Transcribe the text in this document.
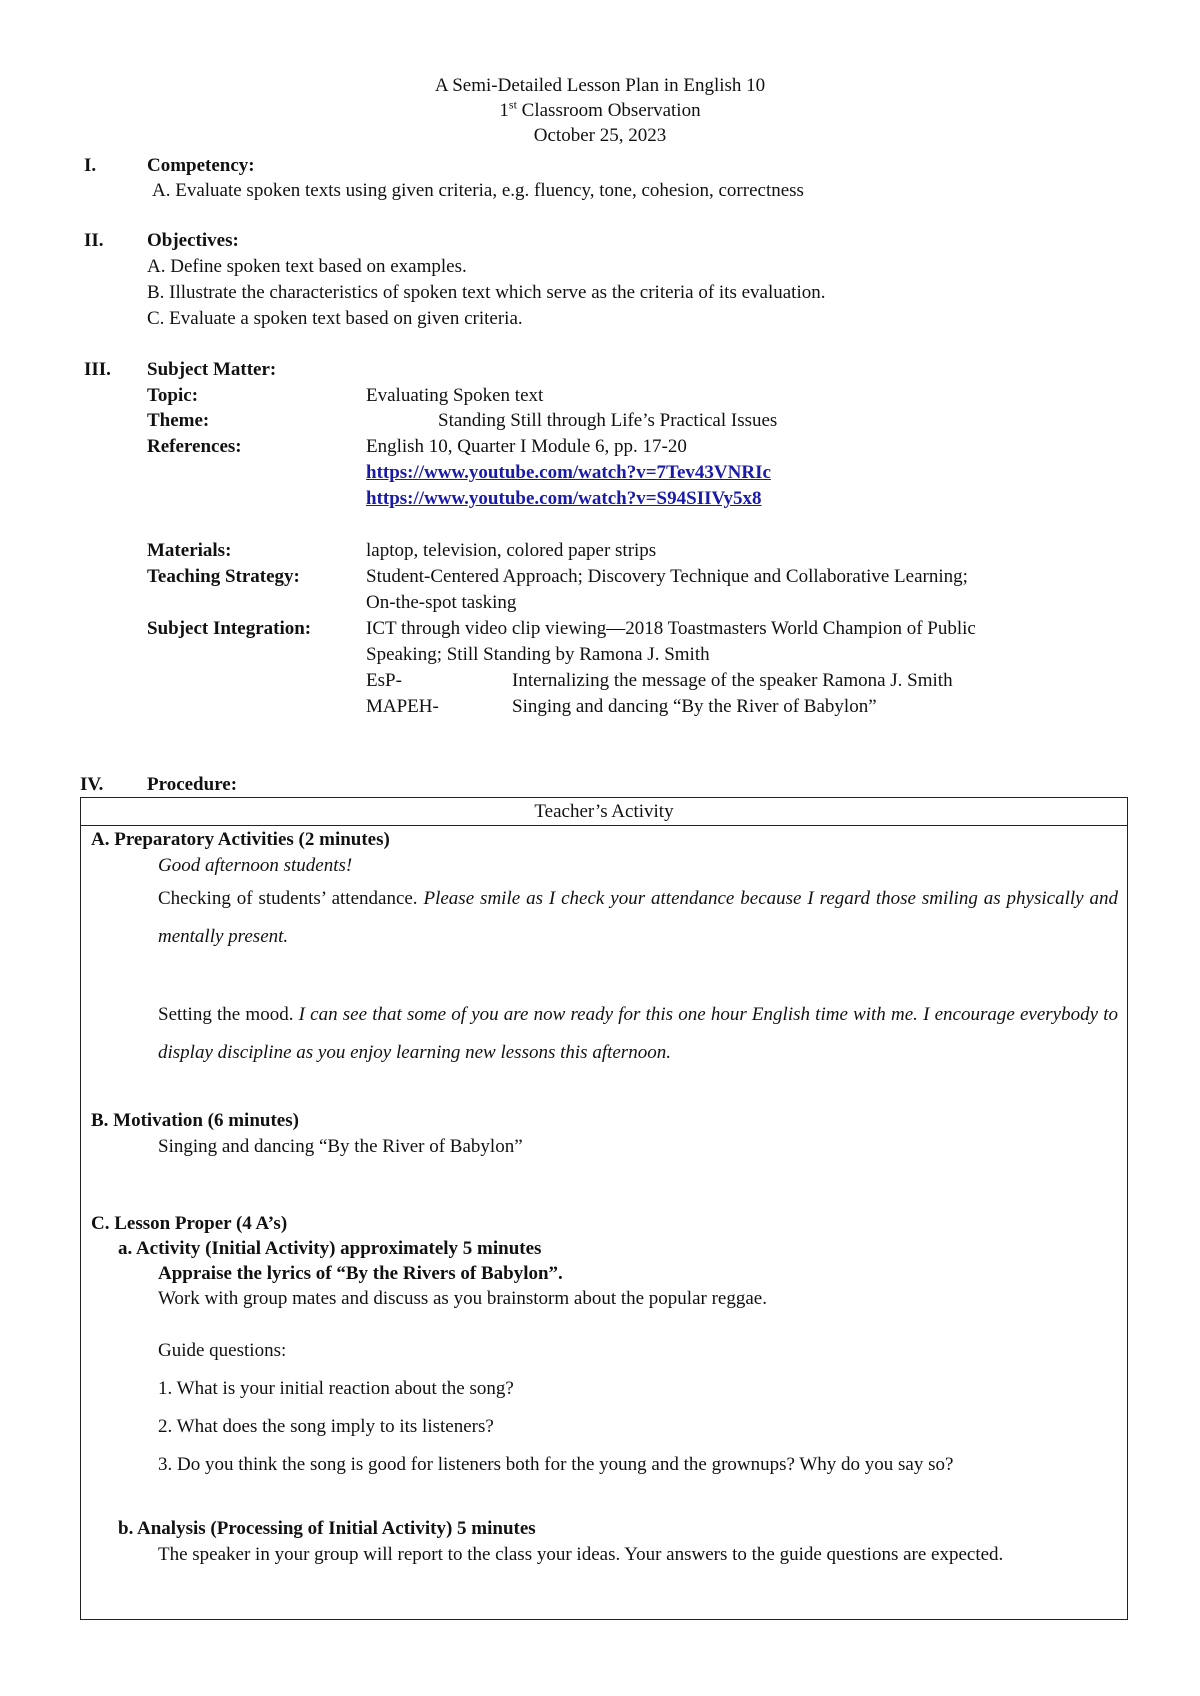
A Semi-Detailed Lesson Plan in English 10
1st Classroom Observation
October 25, 2023
I.	Competency:
A. Evaluate spoken texts using given criteria, e.g. fluency, tone, cohesion, correctness
II. Objectives:
A. Define spoken text based on examples.
B. Illustrate the characteristics of spoken text which serve as the criteria of its evaluation.
C. Evaluate a spoken text based on given criteria.
III. Subject Matter:
Topic:	Evaluating Spoken text
Theme:	Standing Still through Life’s Practical Issues
References:	English 10, Quarter I Module 6, pp. 17-20
https://www.youtube.com/watch?v=7Tev43VNRIc
https://www.youtube.com/watch?v=S94SIIVy5x8
Materials:	laptop, television, colored paper strips
Teaching Strategy:	Student-Centered Approach; Discovery Technique and Collaborative Learning;
On-the-spot tasking
Subject Integration:	ICT through video clip viewing—2018 Toastmasters World Champion of Public
Speaking; Still Standing by Ramona J. Smith
EsP-	Internalizing the message of the speaker Ramona J. Smith
MAPEH-	Singing and dancing “By the River of Babylon”
IV. Procedure:
Teacher’s Activity
A. Preparatory Activities (2 minutes)
Good afternoon students!
Checking of students’ attendance. Please smile as I check your attendance because I regard those smiling as physically and mentally present.
Setting the mood. I can see that some of you are now ready for this one hour English time with me. I encourage everybody to display discipline as you enjoy learning new lessons this afternoon.
B. Motivation (6 minutes)
Singing and dancing “By the River of Babylon”
C. Lesson Proper (4 A’s)
a. Activity (Initial Activity) approximately 5 minutes
Appraise the lyrics of “By the Rivers of Babylon”.
Work with group mates and discuss as you brainstorm about the popular reggae.
Guide questions:
1. What is your initial reaction about the song?
2. What does the song imply to its listeners?
3. Do you think the song is good for listeners both for the young and the grownups? Why do you say so?
b. Analysis (Processing of Initial Activity) 5 minutes
The speaker in your group will report to the class your ideas. Your answers to the guide questions are expected.
